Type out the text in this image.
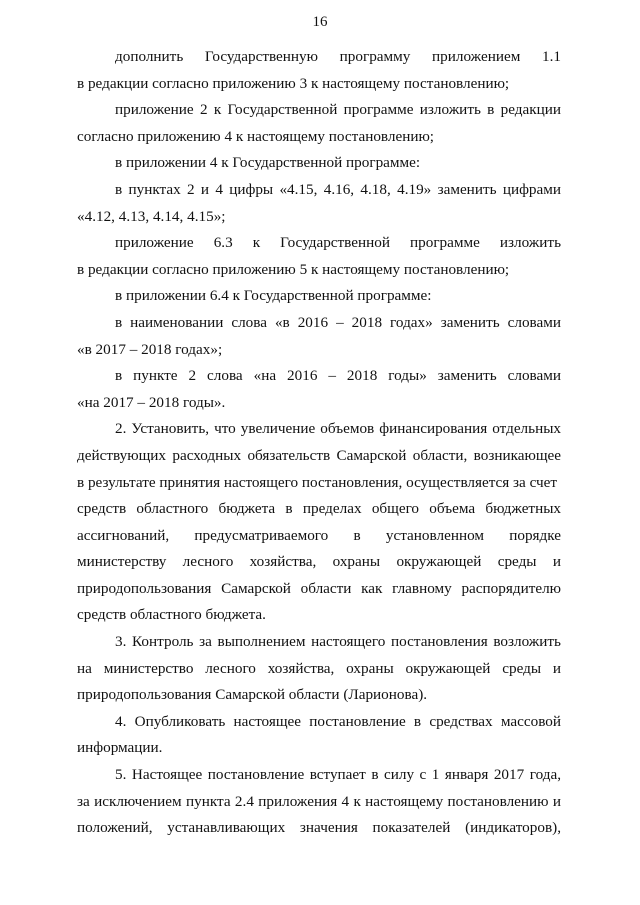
16
дополнить Государственную программу приложением 1.1
в редакции согласно приложению 3 к настоящему постановлению;
приложение 2 к Государственной программе изложить в редакции
согласно приложению 4 к настоящему постановлению;
в приложении 4 к Государственной программе:
в пунктах 2 и 4 цифры «4.15, 4.16, 4.18, 4.19» заменить цифрами
«4.12, 4.13, 4.14, 4.15»;
приложение 6.3 к Государственной программе изложить
в редакции согласно приложению 5 к настоящему постановлению;
в приложении 6.4 к Государственной программе:
в наименовании слова «в 2016 – 2018 годах» заменить словами
«в 2017 – 2018 годах»;
в пункте 2 слова «на 2016 – 2018 годы» заменить словами
«на 2017 – 2018 годы».
2. Установить, что увеличение объемов финансирования отдельных
действующих расходных обязательств Самарской области, возникающее
в результате принятия настоящего постановления, осуществляется за счет
средств областного бюджета в пределах общего объема бюджетных
ассигнований, предусматриваемого в установленном порядке
министерству лесного хозяйства, охраны окружающей среды и
природопользования Самарской области как главному распорядителю
средств областного бюджета.
3. Контроль за выполнением настоящего постановления возложить
на министерство лесного хозяйства, охраны окружающей среды и
природопользования Самарской области (Ларионова).
4. Опубликовать настоящее постановление в средствах массовой
информации.
5. Настоящее постановление вступает в силу с 1 января 2017 года,
за исключением пункта 2.4 приложения 4 к настоящему постановлению и
положений, устанавливающих значения показателей (индикаторов),
